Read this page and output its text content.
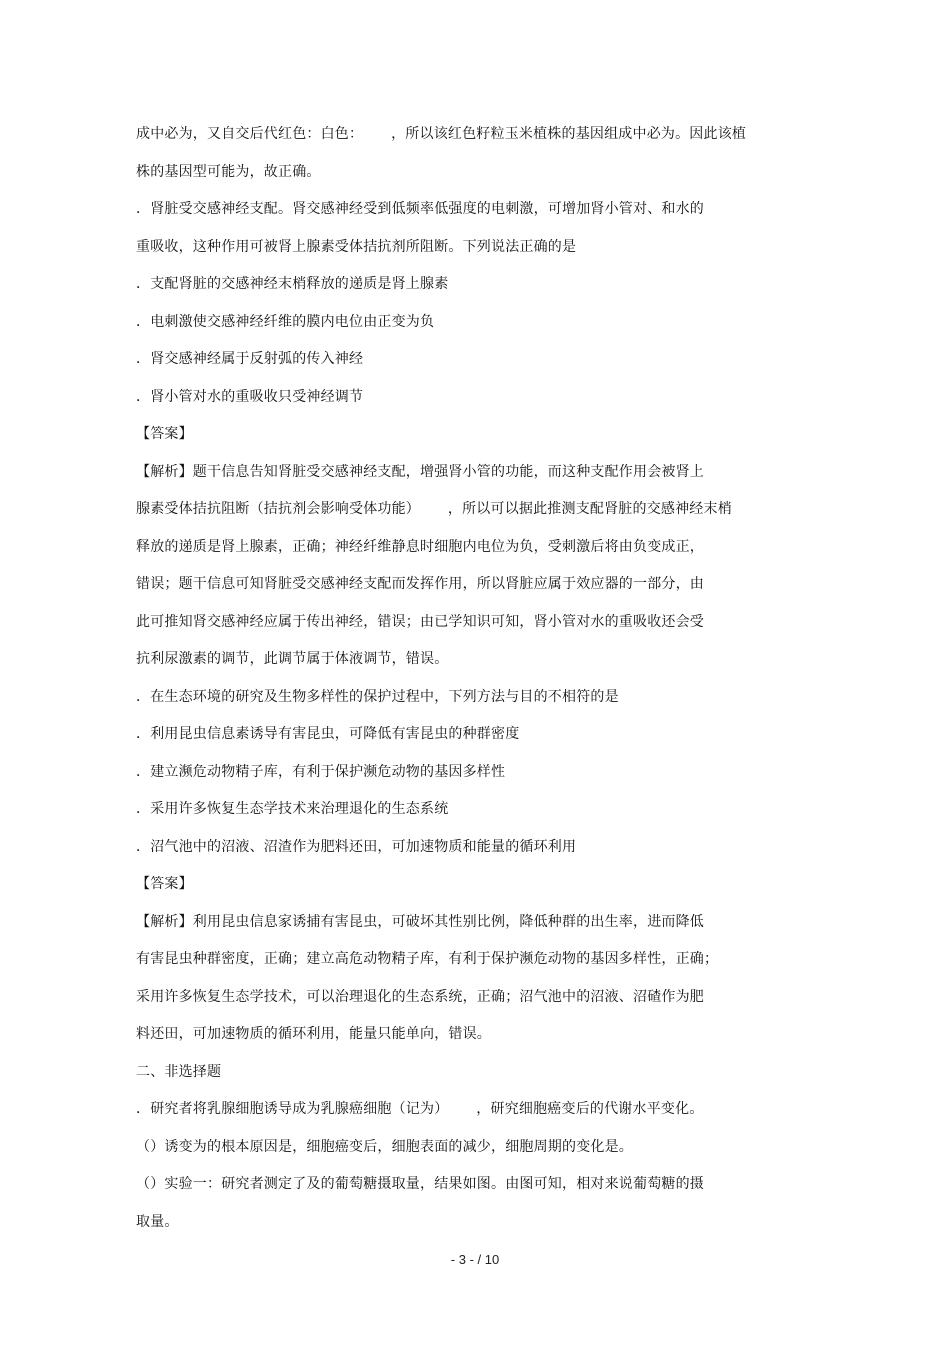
成中必为，又自交后代红色：白色：      ，所以该红色籽粒玉米植株的基因组成中必为。因此该植
株的基因型可能为，故正确。
．肾脏受交感神经支配。肾交感神经受到低频率低强度的电刺激，可增加肾小管对、和水的
重吸收，这种作用可被肾上腺素受体拮抗剂所阻断。下列说法正确的是
．支配肾脏的交感神经末梢释放的递质是肾上腺素
．电刺激使交感神经纤维的膜内电位由正变为负
．肾交感神经属于反射弧的传入神经
．肾小管对水的重吸收只受神经调节
【答案】
【解析】题干信息告知肾脏受交感神经支配，增强肾小管的功能，而这种支配作用会被肾上
腺素受体拮抗阻断（拮抗剂会影响受体功能）      ，所以可以据此推测支配肾脏的交感神经末梢
释放的递质是肾上腺素，正确；神经纤维静息时细胞内电位为负，受刺激后将由负变成正，
错误；题干信息可知肾脏受交感神经支配而发挥作用，所以肾脏应属于效应器的一部分，由
此可推知肾交感神经应属于传出神经，错误；由已学知识可知，肾小管对水的重吸收还会受
抗利尿激素的调节，此调节属于体液调节，错误。
．在生态环境的研究及生物多样性的保护过程中，下列方法与目的不相符的是
．利用昆虫信息素诱导有害昆虫，可降低有害昆虫的种群密度
．建立濒危动物精子库，有利于保护濒危动物的基因多样性
．采用许多恢复生态学技术来治理退化的生态系统
．沼气池中的沼液、沼渣作为肥料还田，可加速物质和能量的循环利用
【答案】
【解析】利用昆虫信息家诱捕有害昆虫，可破坏其性别比例，降低种群的出生率，进而降低
有害昆虫种群密度，正确；建立高危动物精子库，有利于保护濒危动物的基因多样性，正确；
采用许多恢复生态学技术，可以治理退化的生态系统，正确；沼气池中的沼液、沼碴作为肥
料还田，可加速物质的循环利用，能量只能单向，错误。
二、非选择题
．研究者将乳腺细胞诱导成为乳腺癌细胞（记为）      ，研究细胞癌变后的代谢水平变化。
（）诱变为的根本原因是，细胞癌变后，细胞表面的减少，细胞周期的变化是。
（）实验一：研究者测定了及的葡萄糖摄取量，结果如图。由图可知，相对来说葡萄糖的摄
取量。
- 3 - / 10
